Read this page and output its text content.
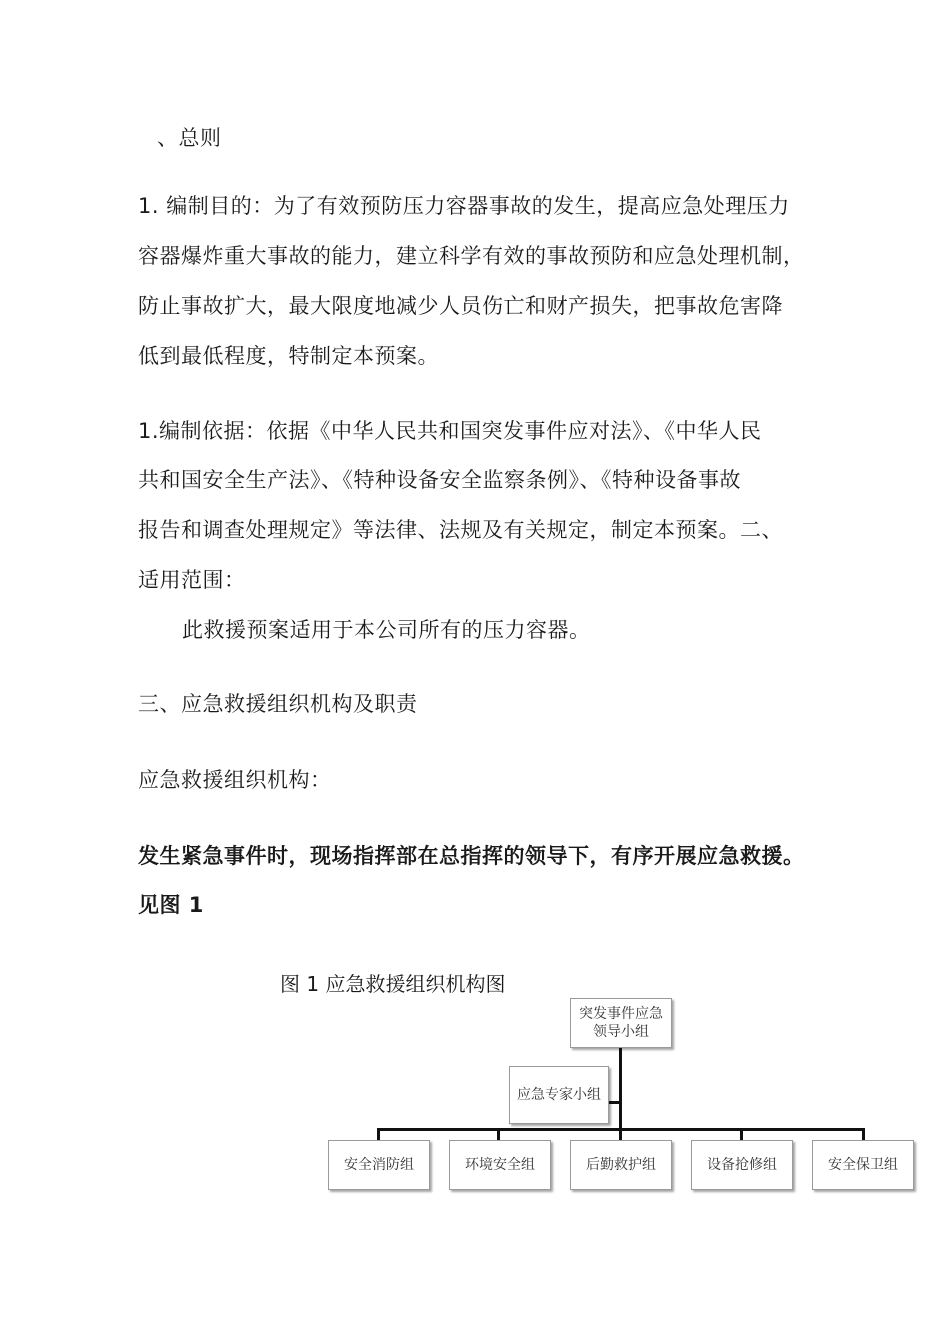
、总则
1. 编制目的：为了有效预防压力容器事故的发生，提高应急处理压力
容器爆炸重大事故的能力，建立科学有效的事故预防和应急处理机制，
防止事故扩大，最大限度地减少人员伤亡和财产损失，把事故危害降
低到最低程度，特制定本预案。
1.编制依据：依据《中华人民共和国突发事件应对法》、《中华人民
共和国安全生产法》、《特种设备安全监察条例》、《特种设备事故
报告和调查处理规定》等法律、法规及有关规定，制定本预案。二、
适用范围：
此救援预案适用于本公司所有的压力容器。
三、应急救援组织机构及职责
应急救援组织机构：
发生紧急事件时，现场指挥部在总指挥的领导下，有序开展应急救援。
见图 1
图 1 应急救援组织机构图
突发事件应急
领导小组
应急专家小组
安全消防组	环境安全组	后勤救护组	设备抢修组	安全保卫组
